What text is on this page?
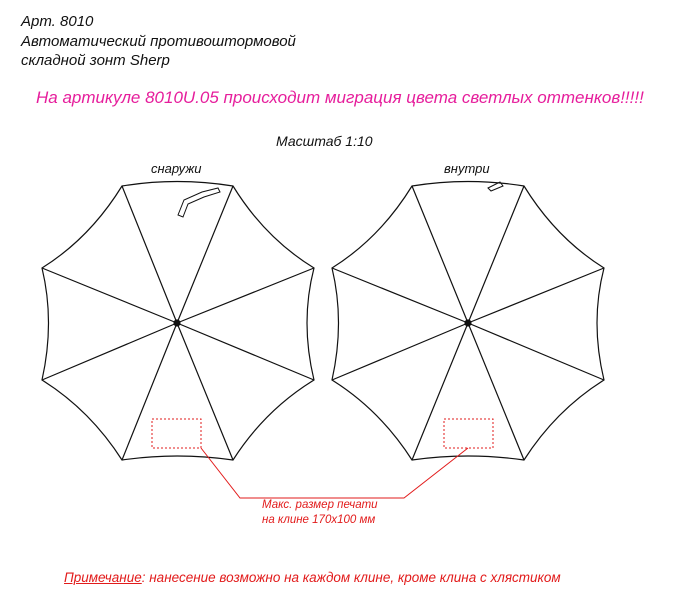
Арт. 8010
Автоматический противоштормовой
складной зонт Sherp
На артикуле 8010U.05 происходит миграция цвета светлых оттенков!!!!!
Масштаб 1:10
снаружи	внутри
Макс. размер печати
на клине 170х100 мм
Примечание: нанесение возможно на каждом клине, кроме клина с хлястиком
